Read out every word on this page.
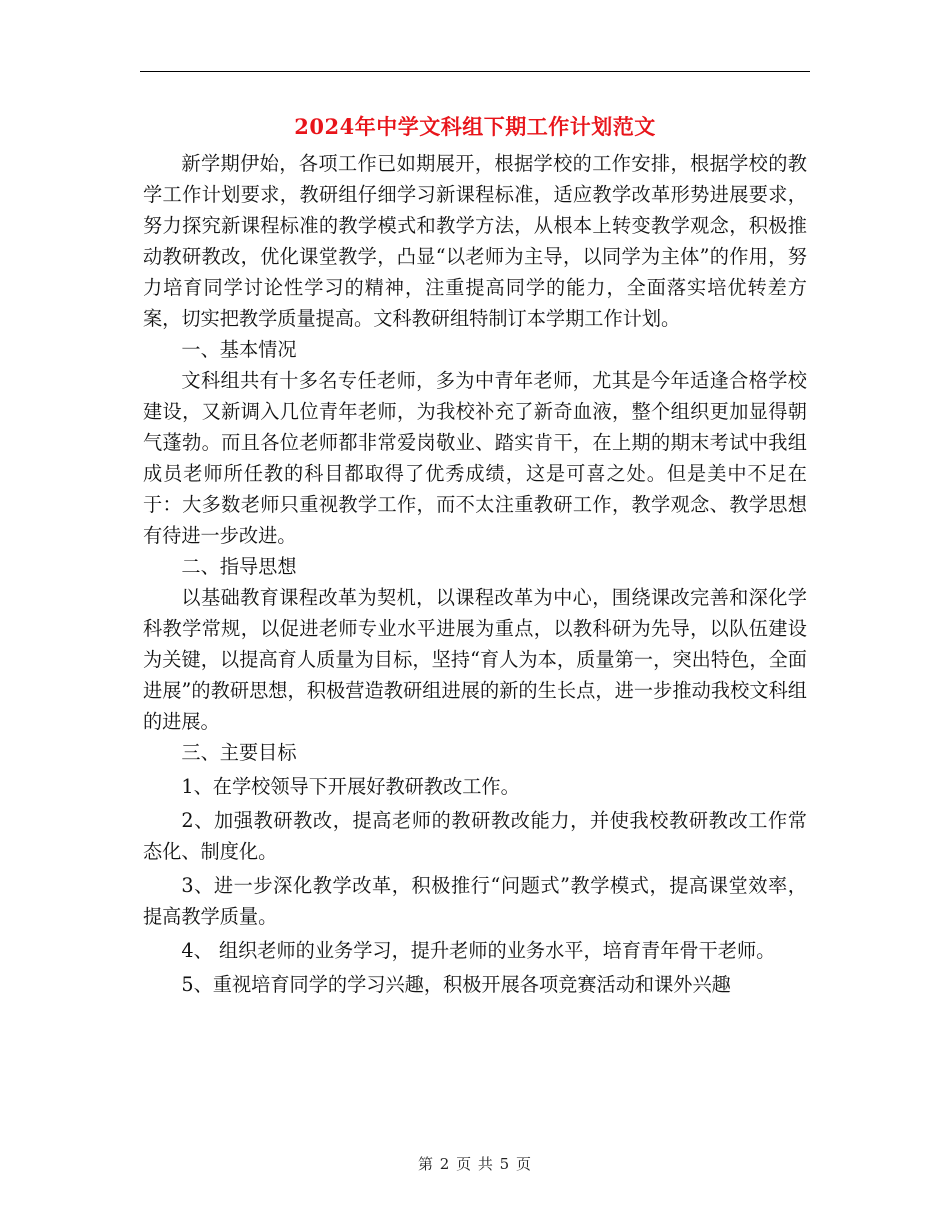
2024年中学文科组下期工作计划范文

新学期伊始，各项工作已如期展开，根据学校的工作安排，根据学校的教学工作计划要求，教研组仔细学习新课程标准，适应教学改革形势进展要求，努力探究新课程标准的教学模式和教学方法，从根本上转变教学观念，积极推动教研教改，优化课堂教学，凸显“以老师为主导，以同学为主体”的作用，努力培育同学讨论性学习的精神，注重提高同学的能力，全面落实培优转差方案，切实把教学质量提高。文科教研组特制订本学期工作计划。

一、基本情况

文科组共有十多名专任老师，多为中青年老师，尤其是今年适逢合格学校建设，又新调入几位青年老师，为我校补充了新奇血液，整个组织更加显得朝气蓬勃。而且各位老师都非常爱岗敬业、踏实肯干，在上期的期末考试中我组成员老师所任教的科目都取得了优秀成绩，这是可喜之处。但是美中不足在于：大多数老师只重视教学工作，而不太注重教研工作，教学观念、教学思想有待进一步改进。

二、指导思想

以基础教育课程改革为契机，以课程改革为中心，围绕课改完善和深化学科教学常规，以促进老师专业水平进展为重点，以教科研为先导，以队伍建设为关键，以提高育人质量为目标，坚持“育人为本，质量第一，突出特色，全面进展”的教研思想，积极营造教研组进展的新的生长点，进一步推动我校文科组的进展。

三、主要目标

1、在学校领导下开展好教研教改工作。

2、加强教研教改，提高老师的教研教改能力，并使我校教研教改工作常态化、制度化。

3、进一步深化教学改革，积极推行“问题式”教学模式，提高课堂效率，提高教学质量。

4、 组织老师的业务学习，提升老师的业务水平，培育青年骨干老师。

5、重视培育同学的学习兴趣，积极开展各项竞赛活动和课外兴趣

第 2 页 共 5 页
